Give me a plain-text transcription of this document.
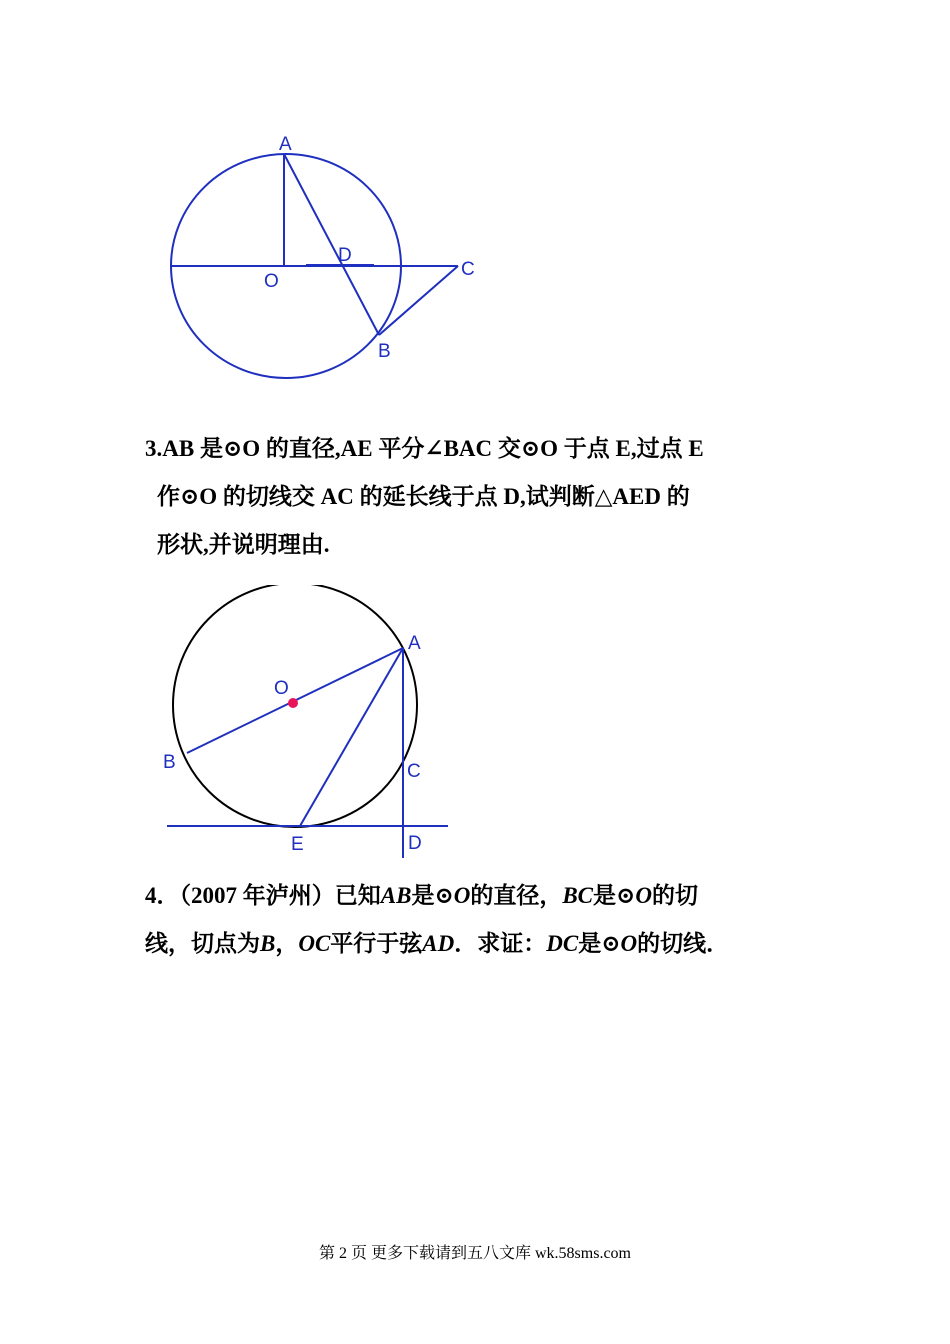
A
O
D
C
B
3.AB 是⊙O 的直径,AE 平分∠BAC 交⊙O 于点 E,过点 E
作⊙O 的切线交 AC 的延长线于点 D,试判断△AED 的
形状,并说明理由.
O
A
B	C
E	D
4．（2007 年泸州）已知AB是⊙O的直径，BC是⊙O的切
线，切点为B，OC平行于弦AD．求证：DC是⊙O的切线．
第 2 页 更多下载请到五八文库 wk.58sms.com
